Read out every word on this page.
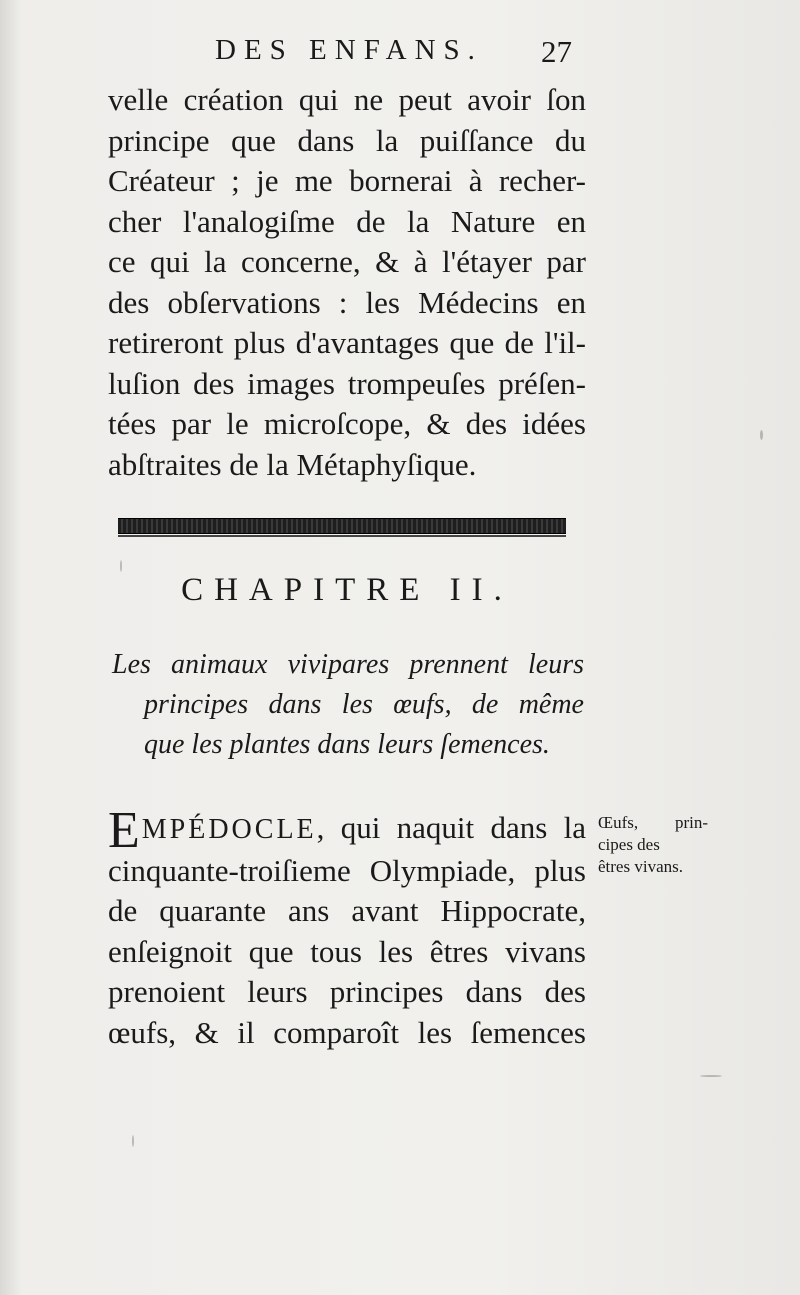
DES ENFANS. 27
velle création qui ne peut avoir ſon
principe que dans la puiſſance du
Créateur ; je me bornerai à recher-
cher l'analogiſme de la Nature en
ce qui la concerne, & à l'étayer par
des obſervations : les Médecins en
retireront plus d'avantages que de l'il-
luſion des images trompeuſes préſen-
tées par le microſcope, & des idées
abſtraites de la Métaphyſique.
CHAPITRE II.
Les animaux vivipares prennent leurs
principes dans les œufs, de même
que les plantes dans leurs ſemences.
EMPÉDOCLE, qui naquit dans la
cinquante-troiſieme Olympiade, plus
de quarante ans avant Hippocrate,
enſeignoit que tous les êtres vivans
prenoient leurs principes dans des
œufs, & il comparoît les ſemences
Œufs, prin-
cipes des
êtres vivans.
